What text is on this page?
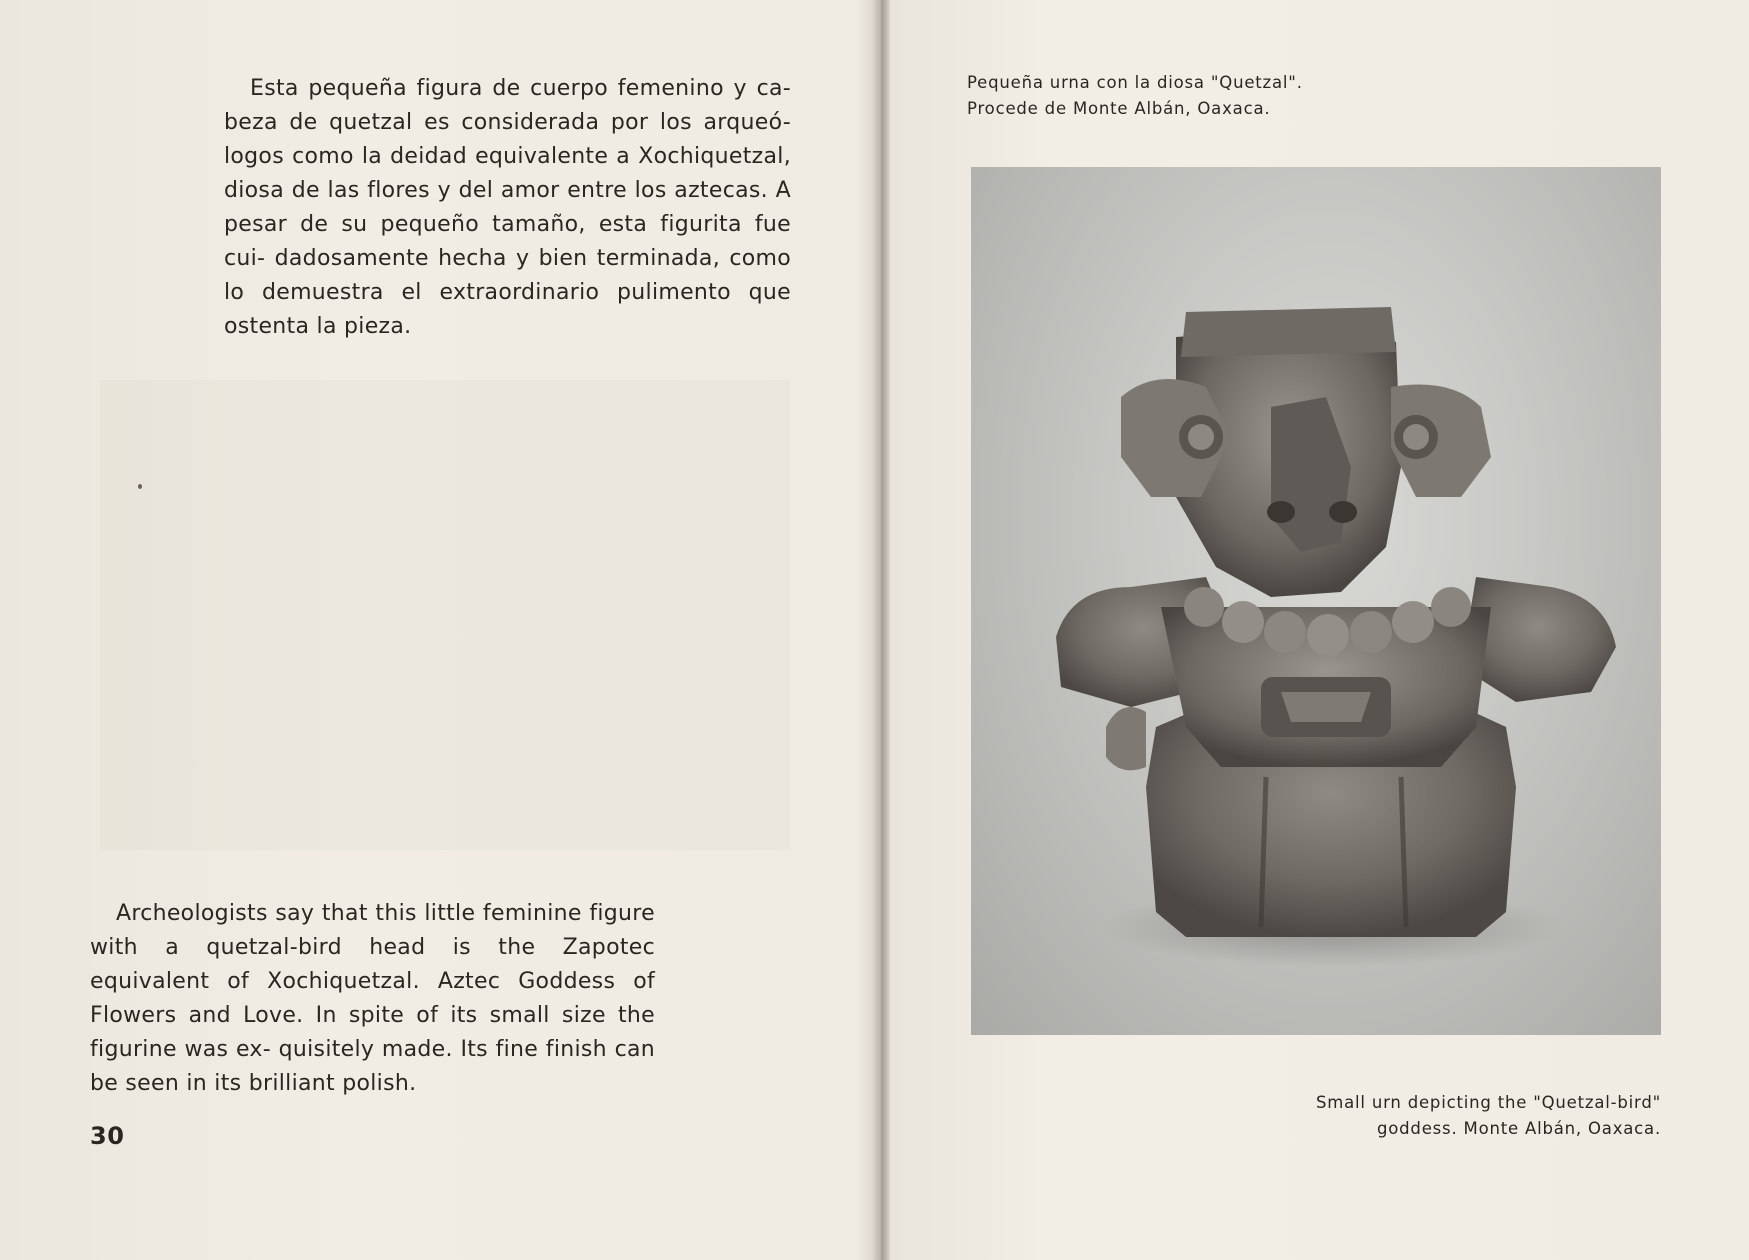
Esta pequeña figura de cuerpo femenino y ca- beza de quetzal es considerada por los arqueó- logos como la deidad equivalente a Xochiquetzal, diosa de las flores y del amor entre los aztecas. A pesar de su pequeño tamaño, esta figurita fue cui- dadosamente hecha y bien terminada, como lo demuestra el extraordinario pulimento que ostenta la pieza.

Archeologists say that this little feminine figure with a quetzal-bird head is the Zapotec equivalent of Xochiquetzal. Aztec Goddess of Flowers and Love. In spite of its small size the figurine was ex- quisitely made. Its fine finish can be seen in its brilliant polish.

30

Pequeña urna con la diosa "Quetzal".
Procede de Monte Albán, Oaxaca.

Small urn depicting the "Quetzal-bird"
goddess. Monte Albán, Oaxaca.
